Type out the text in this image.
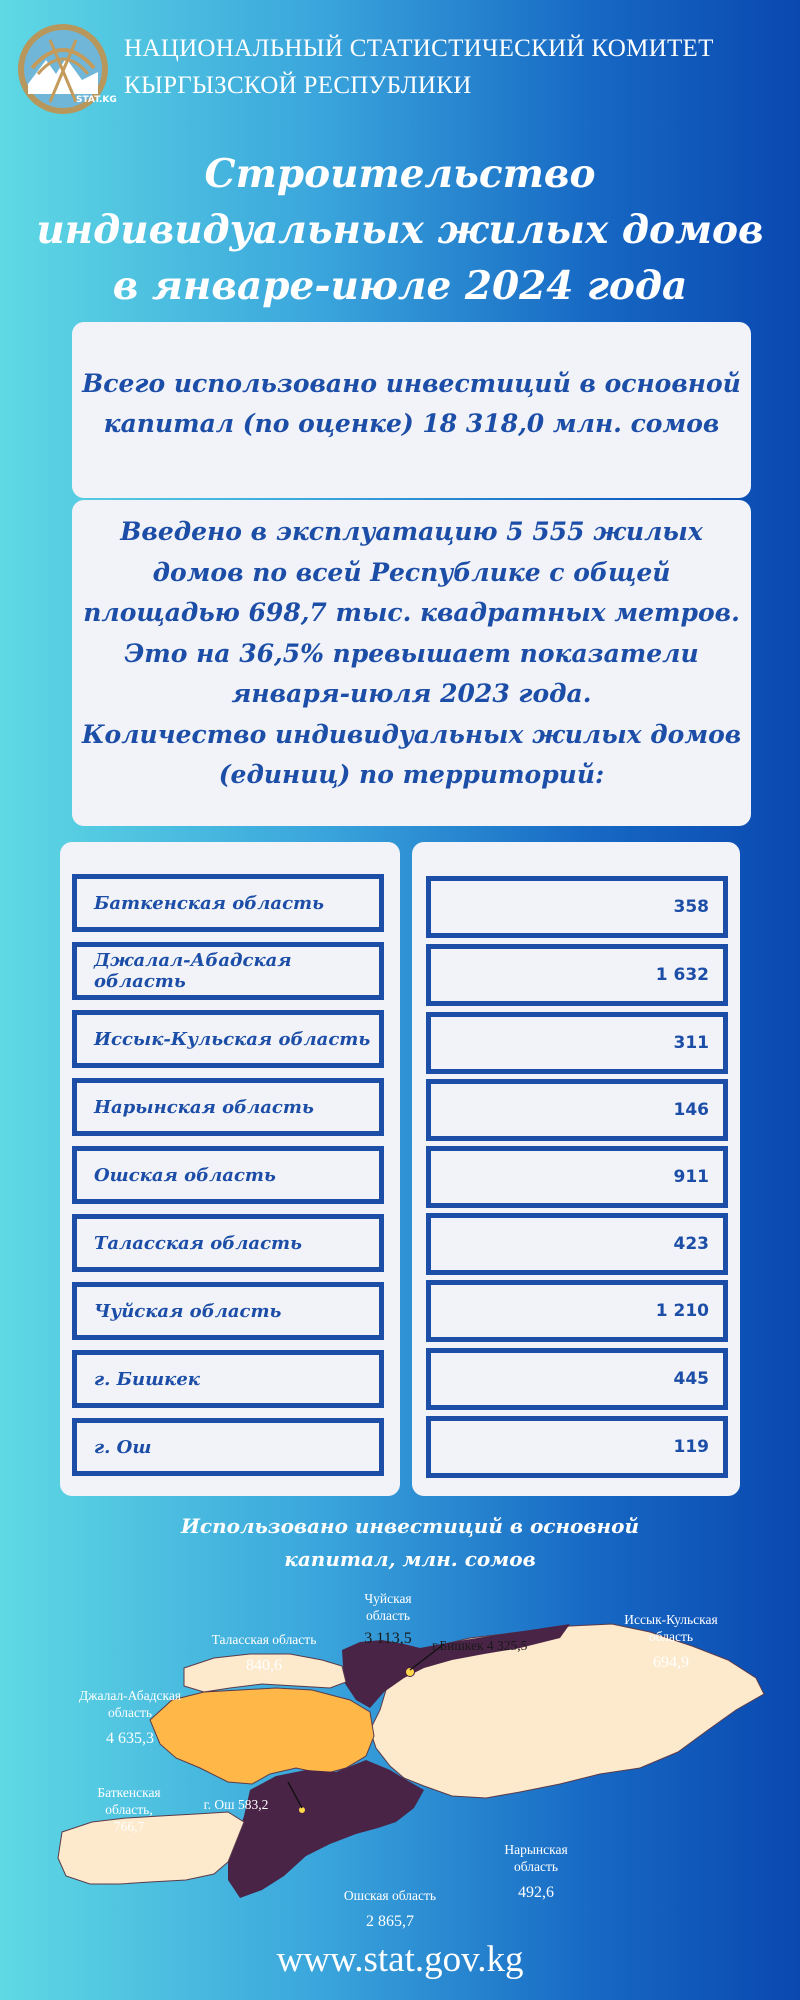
STAT.KG
НАЦИОНАЛЬНЫЙ СТАТИСТИЧЕСКИЙ КОМИТЕТ
КЫРГЫЗСКОЙ РЕСПУБЛИКИ
Строительство
индивидуальных жилых домов
в январе-июле 2024 года
Всего использовано инвестиций в основной
капитал (по оценке) 18 318,0 млн. сомов
Введено в эксплуатацию 5 555 жилых
домов по всей Республике с общей
площадью 698,7 тыс. квадратных метров.
Это на 36,5% превышает показатели
января-июля 2023 года.
Количество индивидуальных жилых домов
(единиц) по территорий:
Баткенская область
Джалал-Абадская область
Иссык-Кульская область
Нарынская область
Ошская область
Таласская область
Чуйская область
г. Бишкек
г. Ош
358
1 632
311
146
911
423
1 210
445
119
Использовано инвестиций в основной
капитал, млн. сомов
Чуйская
область
3 113,5	г.Бишкек 4 325,5
Таласская область
840,6
Иссык-Кульская
область
694,9
Джалал-Абадская
область
4 635,3
Баткенская
область,
766,7
г. Ош 583,2
Нарынская
область
492,6
Ошская область
2 865,7
www.stat.gov.kg
